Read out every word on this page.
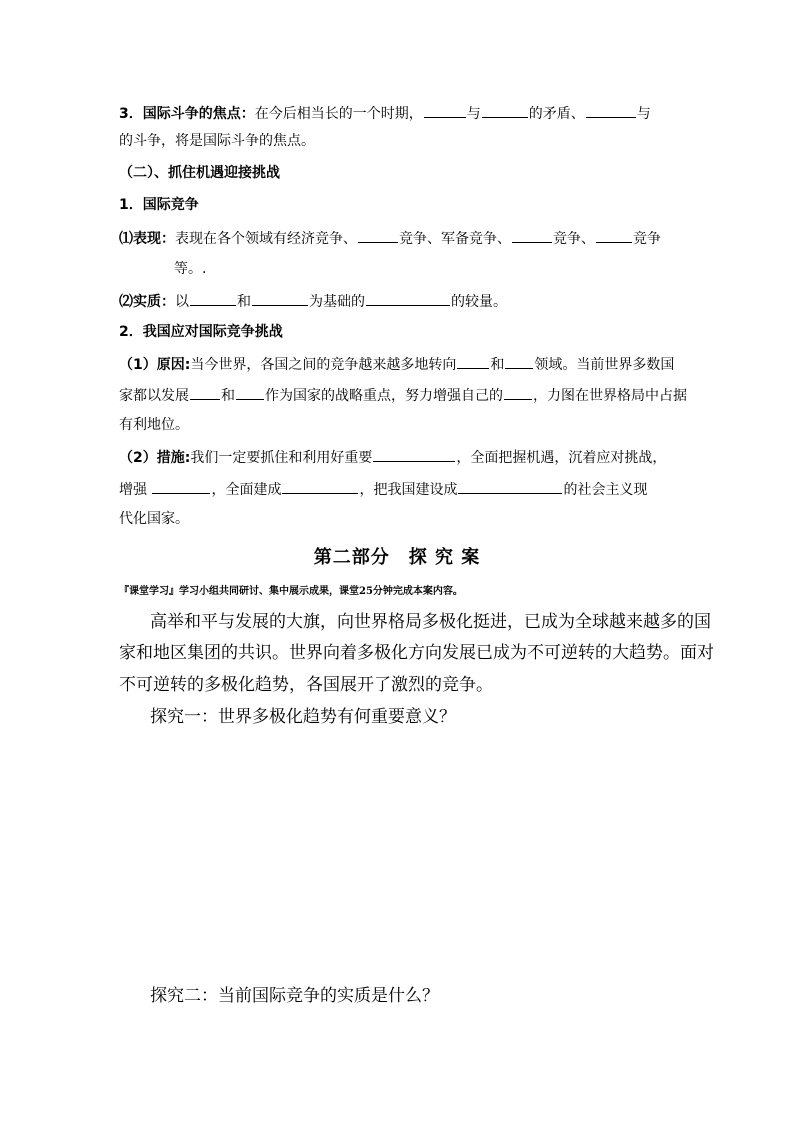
3．国际斗争的焦点：在今后相当长的一个时期，	与	的矛盾、	与
的斗争，将是国际斗争的焦点。
（二）、抓住机遇迎接挑战
1．国际竞争
⑴表现：表现在各个领域有经济竞争、	竞争、军备竞争、	竞争、	竞争
等。.
⑵实质：以	和	为基础的	的较量。
2．我国应对国际竞争挑战
（1）原因:当今世界，各国之间的竞争越来越多地转向 和 领域。当前世界多数国
家都以发展 和 作为国家的战略重点，努力增强自己的 ，力图在世界格局中占据
有利地位。
（2）措施:我们一定要抓住和利用好重要	，全面把握机遇，沉着应对挑战，
增强	，全面建成	，把我国建设成	的社会主义现
代化国家。
第二部分　探 究 案
『课堂学习』学习小组共同研讨、集中展示成果，课堂25分钟完成本案内容。
高举和平与发展的大旗，向世界格局多极化挺进，已成为全球越来越多的国
家和地区集团的共识。世界向着多极化方向发展已成为不可逆转的大趋势。面对
不可逆转的多极化趋势，各国展开了激烈的竞争。
探究一：世界多极化趋势有何重要意义？
探究二：当前国际竞争的实质是什么？
